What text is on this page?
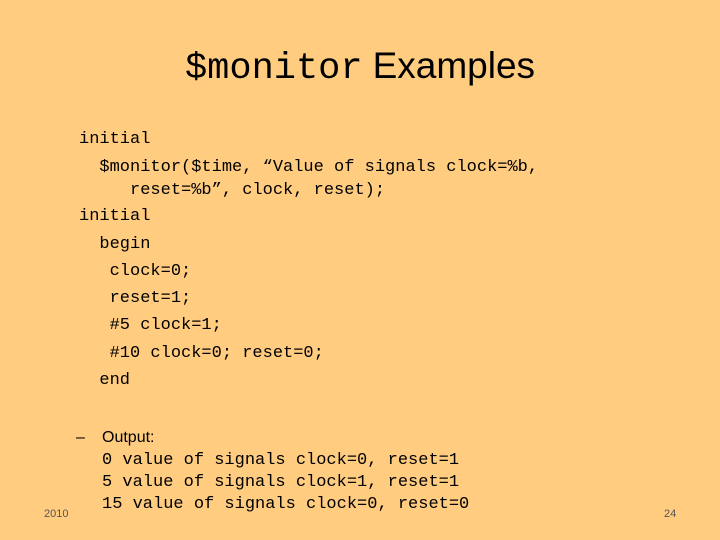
$monitor Examples
initial
$monitor($time, “Value of signals clock=%b,
reset=%b”, clock, reset);
initial
begin
clock=0;
reset=1;
#5 clock=1;
#10 clock=0; reset=0;
end
– Output:
0 value of signals clock=0, reset=1
5 value of signals clock=1, reset=1
15 value of signals clock=0, reset=0
2010	24
